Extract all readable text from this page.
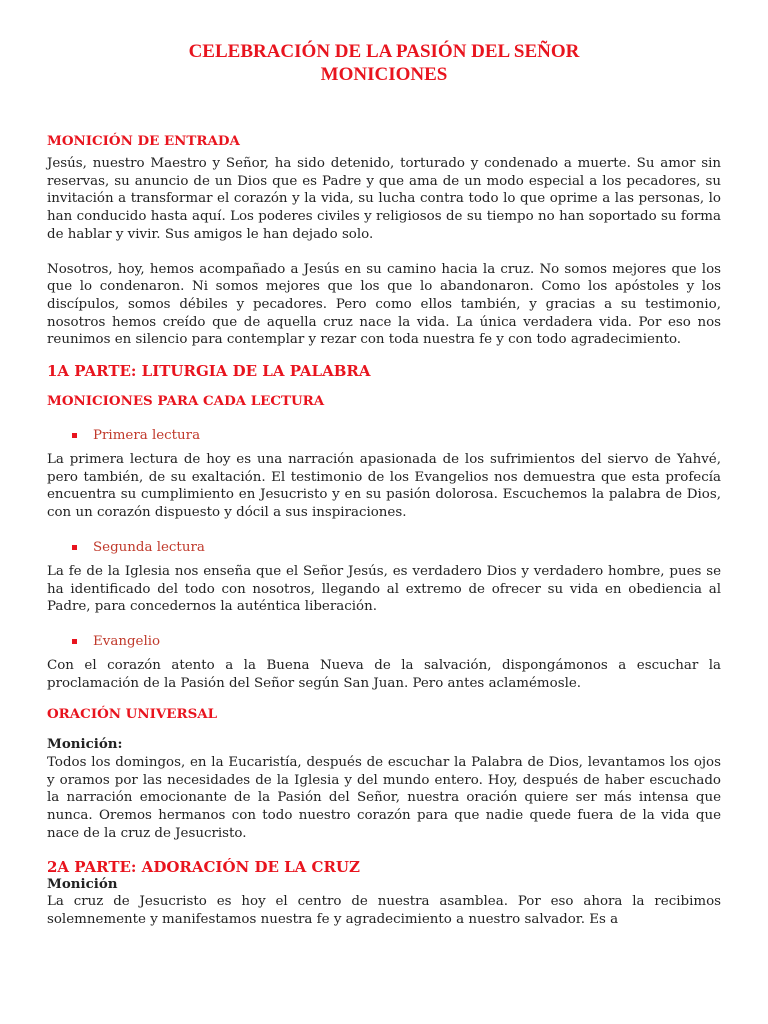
CELEBRACIÓN DE LA PASIÓN DEL SEÑOR
MONICIONES
MONICIÓN DE ENTRADA

Jesús, nuestro Maestro y Señor, ha sido detenido, torturado y condenado a muerte. Su amor sin reservas, su anuncio de un Dios que es Padre y que ama de un modo especial a los pecadores, su invitación a transformar el corazón y la vida, su lucha contra todo lo que oprime a las personas, lo han conducido hasta aquí. Los poderes civiles y religiosos de su tiempo no han soportado su forma de hablar y vivir. Sus amigos le han dejado solo.

Nosotros, hoy, hemos acompañado a Jesús en su camino hacia la cruz. No somos mejores que los que lo condenaron. Ni somos mejores que los que lo abandonaron. Como los apóstoles y los discípulos, somos débiles y pecadores. Pero como ellos también, y gracias a su testimonio, nosotros hemos creído que de aquella cruz nace la vida. La única verdadera vida. Por eso nos reunimos en silencio para contemplar y rezar con toda nuestra fe y con todo agradecimiento.

1A PARTE: LITURGIA DE LA PALABRA
MONICIONES PARA CADA LECTURA

Primera lectura

La primera lectura de hoy es una narración apasionada de los sufrimientos del siervo de Yahvé, pero también, de su exaltación. El testimonio de los Evangelios nos demuestra que esta profecía encuentra su cumplimiento en Jesucristo y en su pasión dolorosa. Escuchemos la palabra de Dios, con un corazón dispuesto y dócil a sus inspiraciones.

Segunda lectura

La fe de la Iglesia nos enseña que el Señor Jesús, es verdadero Dios y verdadero hombre, pues se ha identificado del todo con nosotros, llegando al extremo de ofrecer su vida en obediencia al Padre, para concedernos la auténtica liberación.

Evangelio

Con el corazón atento a la Buena Nueva de la salvación, dispongámonos a escuchar la proclamación de la Pasión del Señor según San Juan. Pero antes aclamémosle.

ORACIÓN UNIVERSAL

Monición:

Todos los domingos, en la Eucaristía, después de escuchar la Palabra de Dios, levantamos los ojos y oramos por las necesidades de la Iglesia y del mundo entero. Hoy, después de haber escuchado la narración emocionante de la Pasión del Señor, nuestra oración quiere ser más intensa que nunca. Oremos hermanos con todo nuestro corazón para que nadie quede fuera de la vida que nace de la cruz de Jesucristo.

2A PARTE: ADORACIÓN DE LA CRUZ

Monición

La cruz de Jesucristo es hoy el centro de nuestra asamblea. Por eso ahora la recibimos solemnemente y manifestamos nuestra fe y agradecimiento a nuestro salvador. Es a
